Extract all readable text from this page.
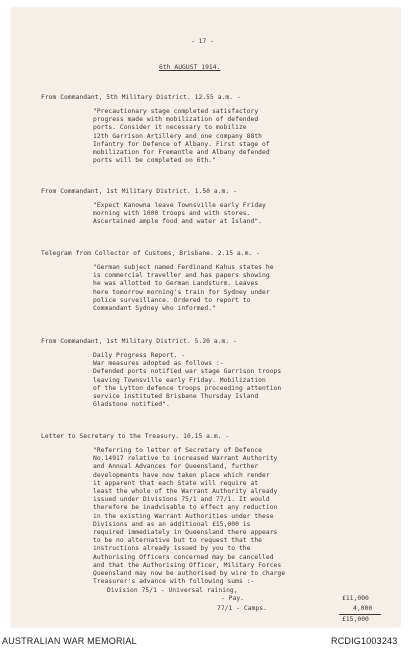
- 17 -
6th AUGUST 1914.
From Commandant, 5th Military District. 12.55 a.m. -
"Precautionary stage completed satisfactory
progress made with mobilization of defended
ports. Consider it necessary to mobilize
12th Garrison Artillery and one company 88th
Infantry for Defence of Albany. First stage of
mobilization for Fremantle and Albany defended
ports will be completed on 6th."
From Commandant, 1st Military District. 1.50 a.m. -
"Expect Kanowna leave Townsville early Friday
morning with 1000 troops and with stores.
Ascertained ample food and water at Island".
Telegram from Collector of Customs, Brisbane. 2.15 a.m. -
"German subject named Ferdinand Kahus states he
is commercial traveller and has papers showing
he was allotted to German Landsturm. Leaves
here tomorrow morning's train for Sydney under
police surveillance. Ordered to report to
Commandant Sydney who informed."
From Commandant, 1st Military District. 5.20 a.m. -
Daily Progress Report. -
War measures adopted as follows :-
Defended ports notified war stage Garrison troops
leaving Townsville early Friday. Mobilization
of the Lytton defence troops proceeding attention
service instituted Brisbane Thursday Island
Gladstone notified".
Letter to Secretary to the Treasury. 10.15 a.m. -
"Referring to letter of Secretary of Defence
No.14917 relative to increased Warrant Authority
and Annual Advances for Queensland, further
developments have now taken place which render
it apparent that each State will require at
least the whole of the Warrant Authority already
issued under Divisions 75/1 and 77/1. It would
therefore be inadvisable to effect any reduction
in the existing Warrant Authorities under these
Divisions and as an additional £15,000 is
required immediately in Queensland there appears
to be no alternative but to request that the
instructions already issued by you to the
Authorising Officers concerned may be cancelled
and that the Authorising Officer, Military Forces
Queensland may now be authorised by wire to charge
Treasurer's advance with following sums :-
Division 75/1 - Universal raining,
- Pay.	£11,000
77/1 - Camps.	4,000
£15,000
AUSTRALIAN WAR MEMORIAL	RCDIG1003243
